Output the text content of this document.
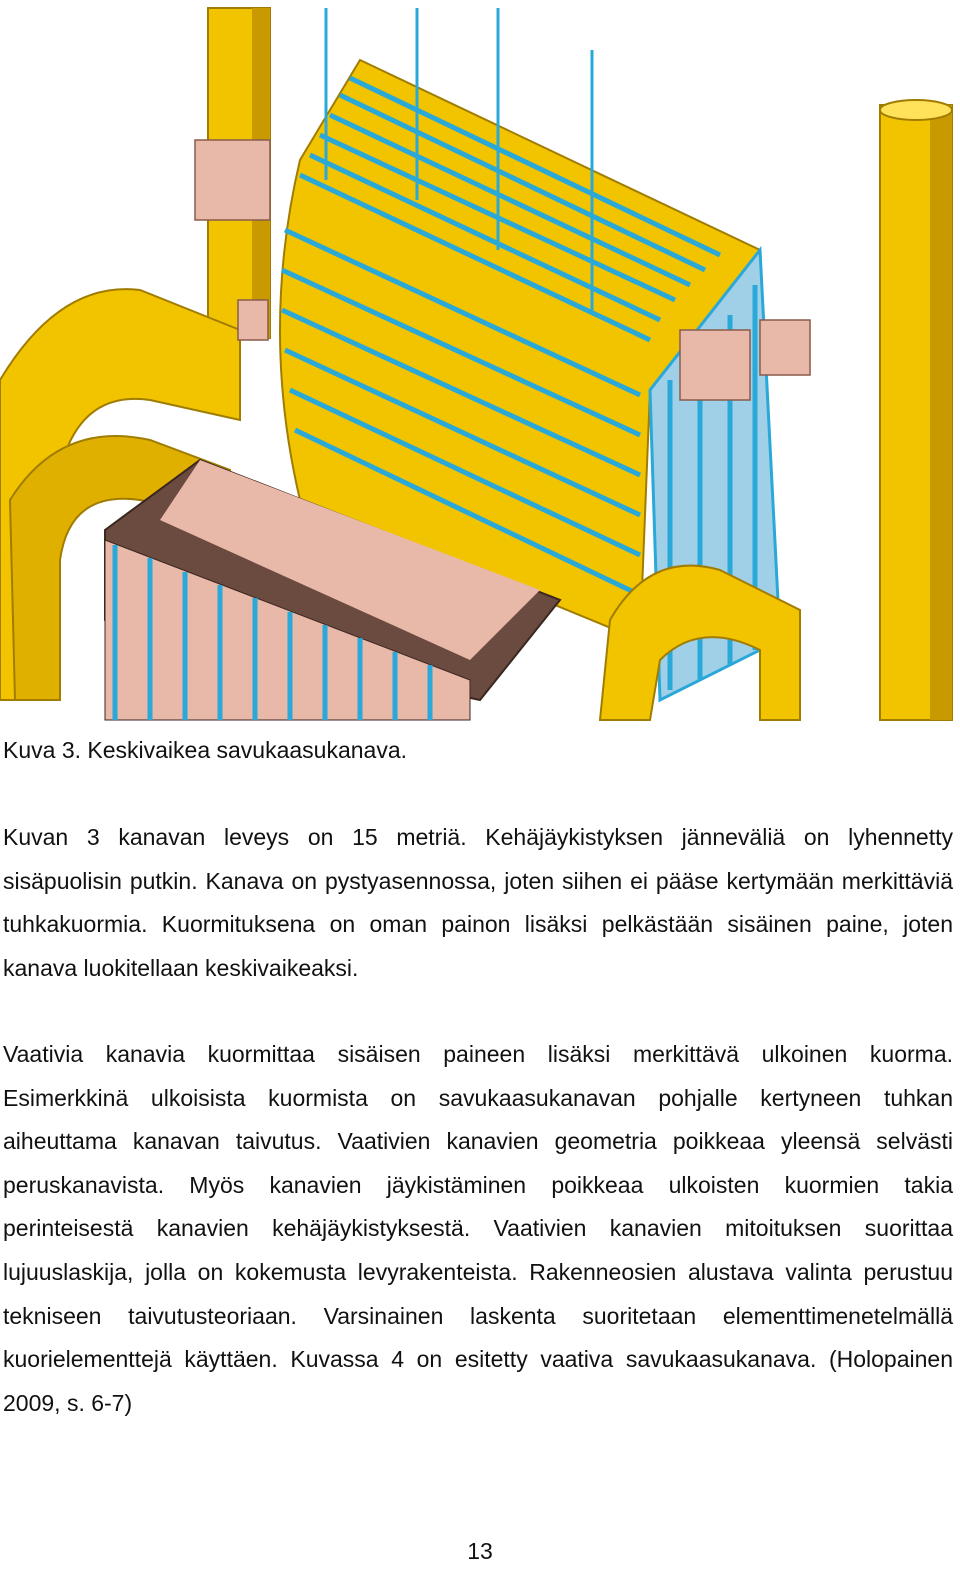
Kuva 3. Keskivaikea savukaasukanava.

Kuvan 3 kanavan leveys on 15 metriä. Kehäjäykistyksen jänneväliä on lyhennetty sisäpuolisin putkin. Kanava on pystyasennossa, joten siihen ei pääse kertymään merkittäviä tuhkakuormia. Kuormituksena on oman painon lisäksi pelkästään sisäinen paine, joten kanava luokitellaan keskivaikeaksi.

Vaativia kanavia kuormittaa sisäisen paineen lisäksi merkittävä ulkoinen kuorma. Esimerkkinä ulkoisista kuormista on savukaasukanavan pohjalle kertyneen tuhkan aiheuttama kanavan taivutus. Vaativien kanavien geometria poikkeaa yleensä selvästi peruskanavista. Myös kanavien jäykistäminen poikkeaa ulkoisten kuormien takia perinteisestä kanavien kehäjäykistyksestä. Vaativien kanavien mitoituksen suorittaa lujuuslaskija, jolla on kokemusta levyrakenteista. Rakenneosien alustava valinta perustuu tekniseen taivutusteoriaan. Varsinainen laskenta suoritetaan elementtimenetelmällä kuorielementtejä käyttäen. Kuvassa 4 on esitetty vaativa savukaasukanava. (Holopainen 2009, s. 6-7)

13
